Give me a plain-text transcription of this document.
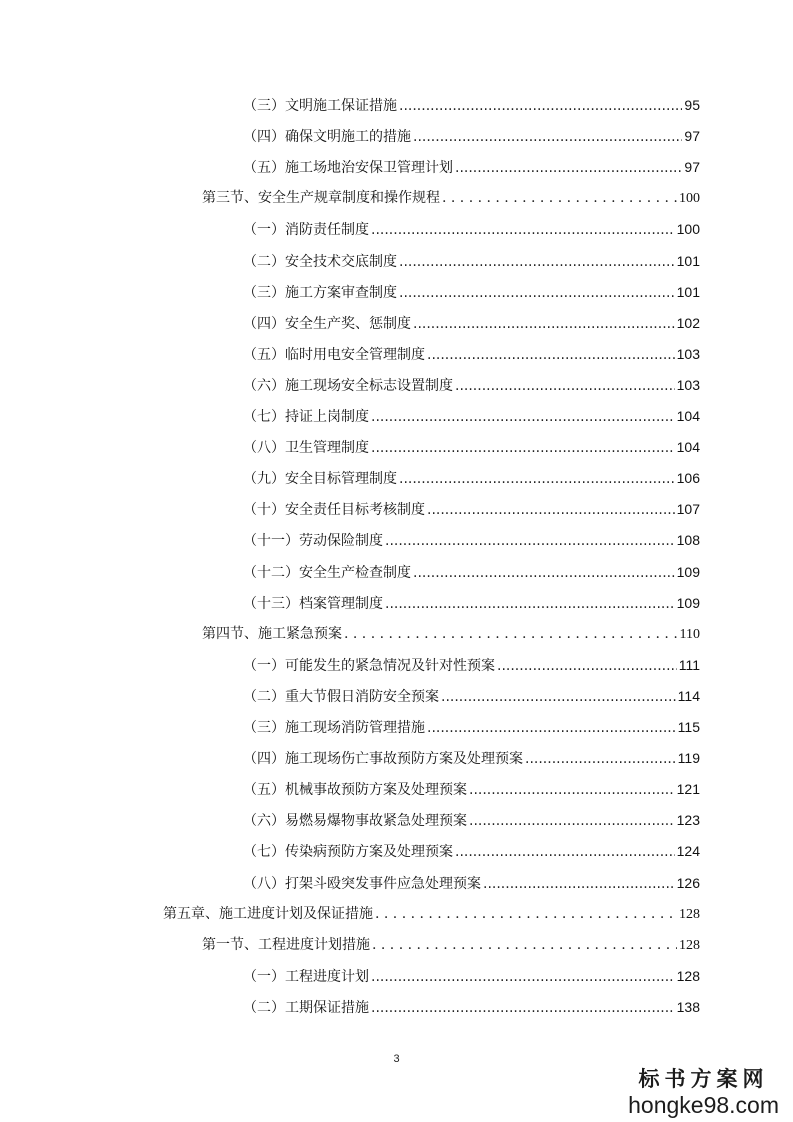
（三）文明施工保证措施 .....	95
（四）确保文明施工的措施 .....	97
（五）施工场地治安保卫管理计划 .....	97
第三节、安全生产规章制度和操作规程 . . .	100
（一）消防责任制度 .....	100
（二）安全技术交底制度 .....	101
（三）施工方案审查制度 .....	101
（四）安全生产奖、惩制度 .....	102
（五）临时用电安全管理制度 .....	103
（六）施工现场安全标志设置制度 .....	103
（七）持证上岗制度 .....	104
（八）卫生管理制度 .....	104
（九）安全目标管理制度 .....	106
（十）安全责任目标考核制度 .....	107
（十一）劳动保险制度 .....	108
（十二）安全生产检查制度 .....	109
（十三）档案管理制度 .....	109
第四节、施工紧急预案 . . .	110
（一）可能发生的紧急情况及针对性预案 .....	111
（二）重大节假日消防安全预案 .....	114
（三）施工现场消防管理措施 .....	115
（四）施工现场伤亡事故预防方案及处理预案 .....	119
（五）机械事故预防方案及处理预案 .....	121
（六）易燃易爆物事故紧急处理预案 .....	123
（七）传染病预防方案及处理预案 .....	124
（八）打架斗殴突发事件应急处理预案 .....	126
第五章、施工进度计划及保证措施 . . .	128
第一节、工程进度计划措施 . . .	128
（一）工程进度计划 .....	128
（二）工期保证措施 .....	138
3
标书方案网
hongke98.com
